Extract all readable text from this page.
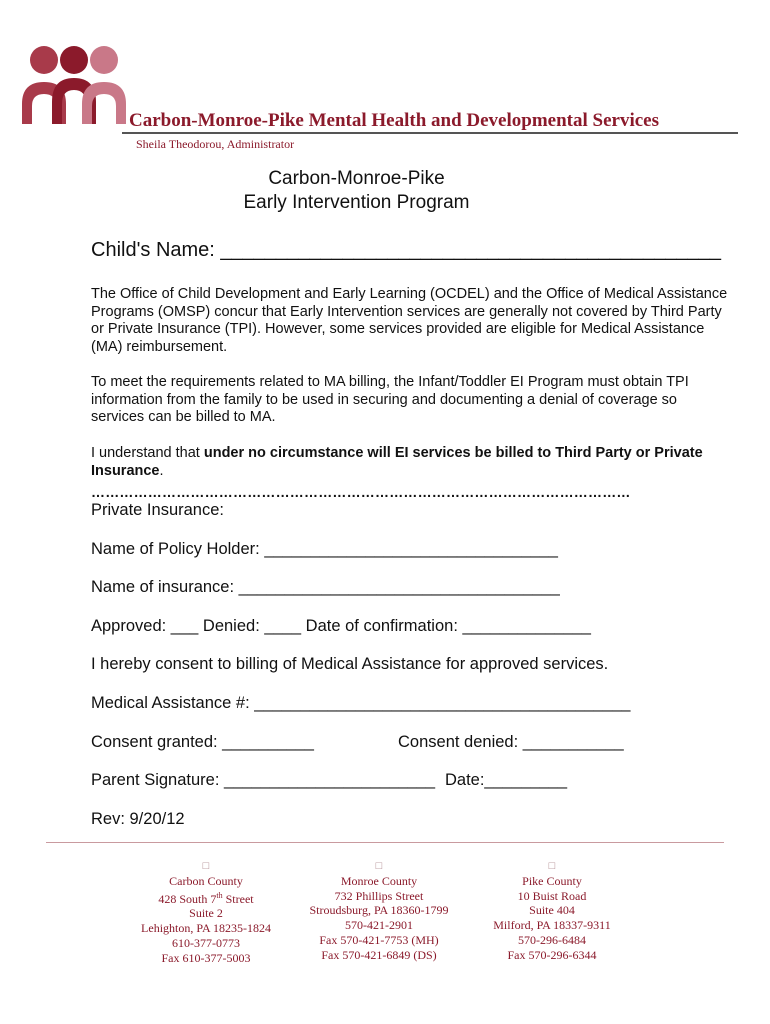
Carbon-Monroe-Pike Mental Health and Developmental Services
Sheila Theodorou, Administrator
Carbon-Monroe-Pike
Early Intervention Program
Child's Name: _____________________________________________
The Office of Child Development and Early Learning (OCDEL) and the Office of Medical Assistance Programs (OMSP) concur that Early Intervention services are generally not covered by Third Party or Private Insurance (TPI). However, some services provided are eligible for Medical Assistance (MA) reimbursement.
To meet the requirements related to MA billing, the Infant/Toddler EI Program must obtain TPI information from the family to be used in securing and documenting a denial of coverage so services can be billed to MA.
I understand that under no circumstance will EI services be billed to Third Party or Private Insurance.
……………………………………………………………………………………………………
Private Insurance:
Name of Policy Holder: ________________________________
Name of insurance: ___________________________________
Approved: ___ Denied: ____ Date of confirmation: ______________
I hereby consent to billing of Medical Assistance for approved services.
Medical Assistance #: _________________________________________
Consent granted: __________	Consent denied: ___________
Parent Signature: _______________________ Date:_________
Rev: 9/20/12
□
Carbon County
428 South 7th Street
Suite 2
Lehighton, PA 18235-1824
610-377-0773
Fax 610-377-5003
□
Monroe County
732 Phillips Street
Stroudsburg, PA 18360-1799
570-421-2901
Fax 570-421-7753 (MH)
Fax 570-421-6849 (DS)
□
Pike County
10 Buist Road
Suite 404
Milford, PA 18337-9311
570-296-6484
Fax 570-296-6344
